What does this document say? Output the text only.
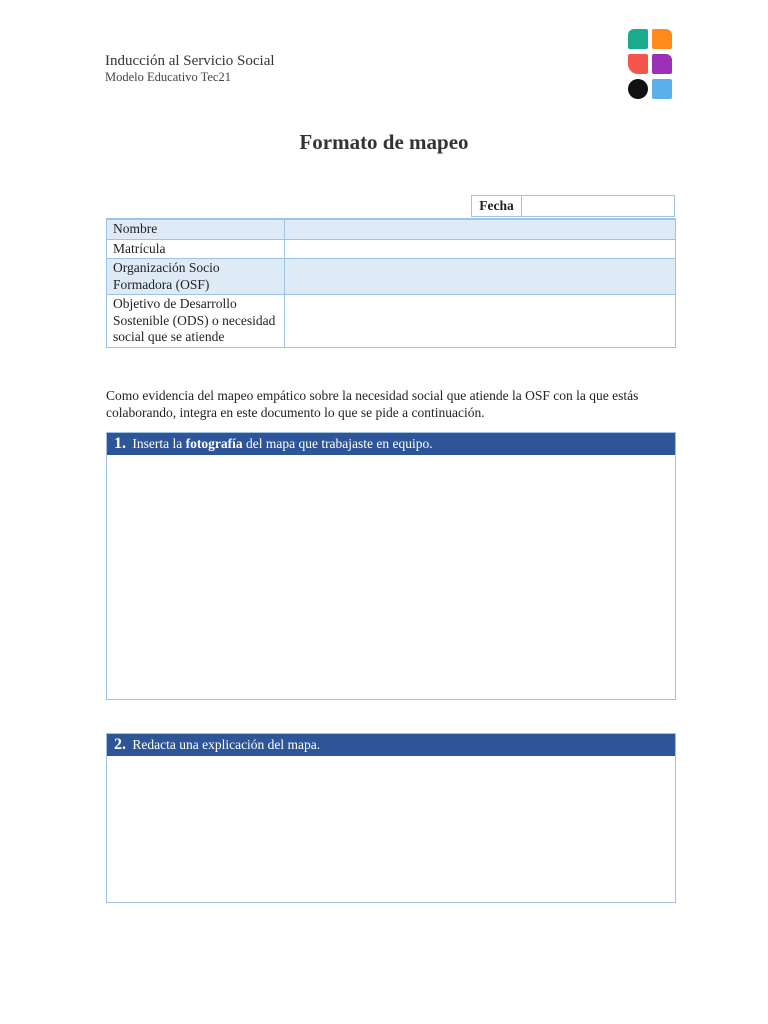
Inducción al Servicio Social
Modelo Educativo Tec21
Formato de mapeo
Fecha
Nombre	
Matrícula	
Organización Socio Formadora (OSF)	
Objetivo de Desarrollo Sostenible (ODS) o necesidad social que se atiende	
Como evidencia del mapeo empático sobre la necesidad social que atiende la OSF con la que estás colaborando, integra en este documento lo que se pide a continuación.
1. Inserta la fotografía del mapa que trabajaste en equipo.
2. Redacta una explicación del mapa.
